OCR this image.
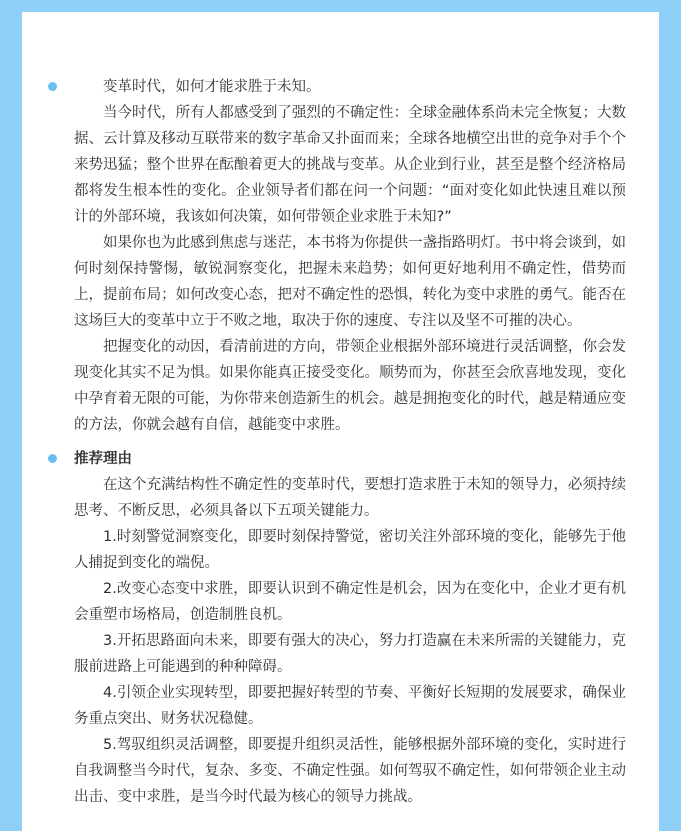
变革时代，如何才能求胜于未知。

当今时代，所有人都感受到了强烈的不确定性：全球金融体系尚未完全恢复；大数据、云计算及移动互联带来的数字革命又扑面而来；全球各地横空出世的竞争对手个个来势迅猛；整个世界在酝酿着更大的挑战与变革。从企业到行业，甚至是整个经济格局都将发生根本性的变化。企业领导者们都在问一个问题：“面对变化如此快速且难以预计的外部环境，我该如何决策，如何带领企业求胜于未知?”

如果你也为此感到焦虑与迷茫，本书将为你提供一盏指路明灯。书中将会谈到，如何时刻保持警惕，敏锐洞察变化，把握未来趋势；如何更好地利用不确定性，借势而上，提前布局；如何改变心态，把对不确定性的恐惧，转化为变中求胜的勇气。能否在这场巨大的变革中立于不败之地，取决于你的速度、专注以及坚不可摧的决心。

把握变化的动因，看清前进的方向，带领企业根据外部环境进行灵活调整，你会发现变化其实不足为惧。如果你能真正接受变化。顺势而为，你甚至会欣喜地发现，变化中孕育着无限的可能，为你带来创造新生的机会。越是拥抱变化的时代，越是精通应变的方法，你就会越有自信，越能变中求胜。

推荐理由

在这个充满结构性不确定性的变革时代，要想打造求胜于未知的领导力，必须持续思考、不断反思，必须具备以下五项关键能力。

1.时刻警觉洞察变化，即要时刻保持警觉，密切关注外部环境的变化，能够先于他人捕捉到变化的端倪。

2.改变心态变中求胜，即要认识到不确定性是机会，因为在变化中，企业才更有机会重塑市场格局，创造制胜良机。

3.开拓思路面向未来，即要有强大的决心，努力打造赢在未来所需的关键能力，克服前进路上可能遇到的种种障碍。

4.引领企业实现转型，即要把握好转型的节奏、平衡好长短期的发展要求，确保业务重点突出、财务状况稳健。

5.驾驭组织灵活调整，即要提升组织灵活性，能够根据外部环境的变化，实时进行自我调整当今时代，复杂、多变、不确定性强。如何驾驭不确定性，如何带领企业主动出击、变中求胜，是当今时代最为核心的领导力挑战。
